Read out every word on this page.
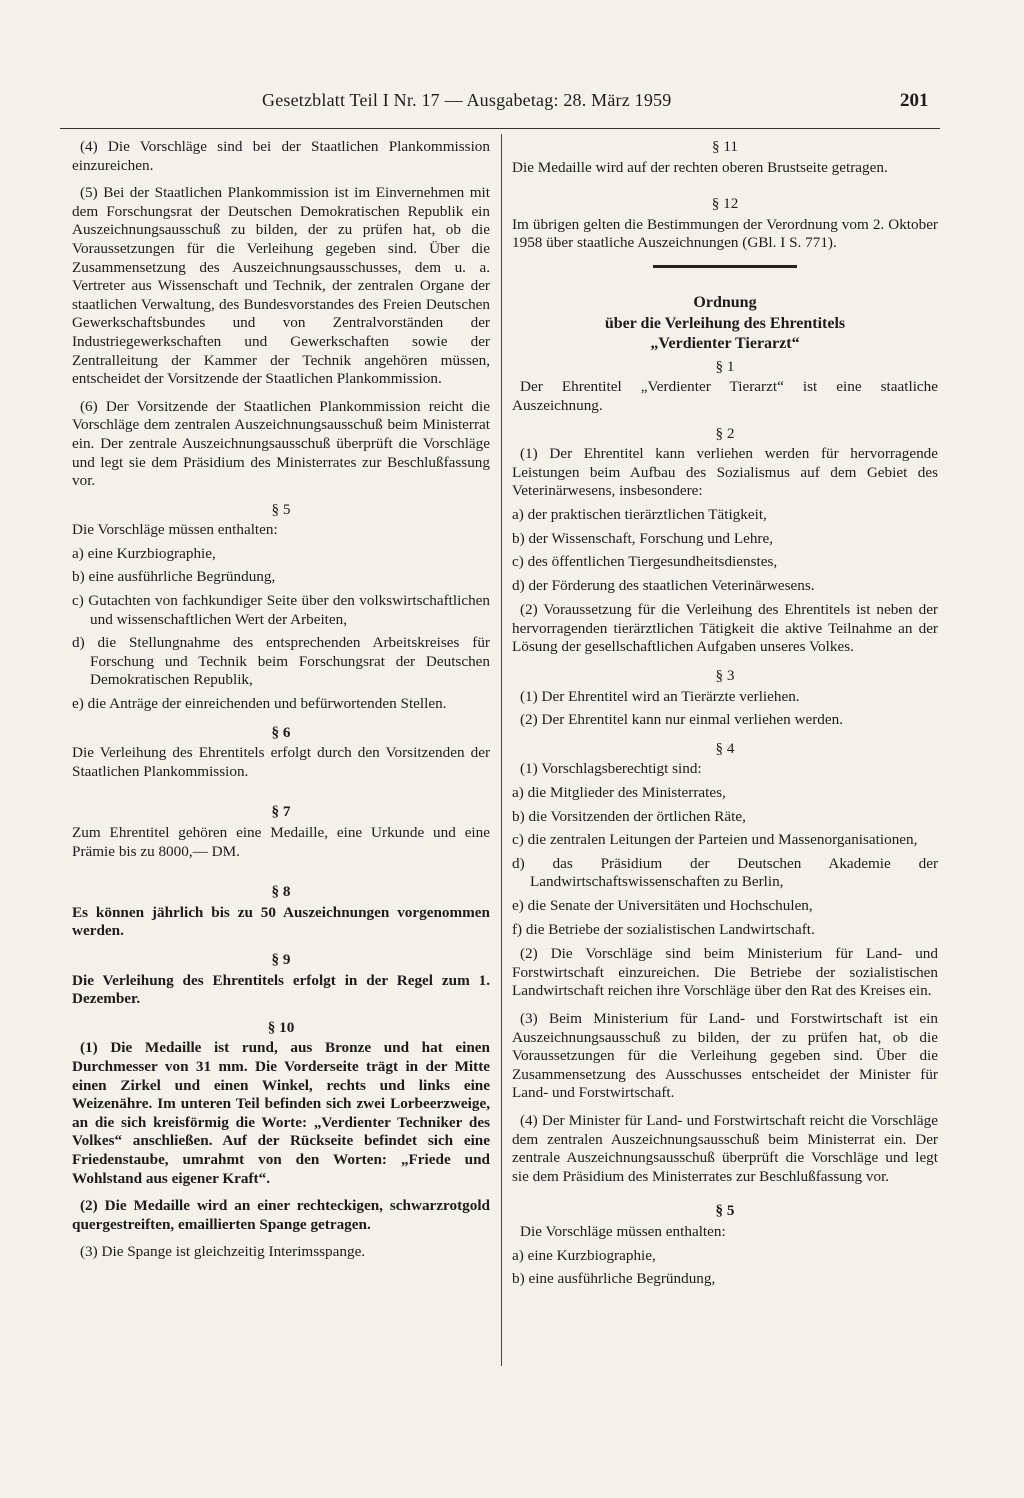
Gesetzblatt Teil I Nr. 17 — Ausgabetag: 28. März 1959	201

(4) Die Vorschläge sind bei der Staatlichen Plankommission einzureichen.

(5) Bei der Staatlichen Plankommission ist im Einvernehmen mit dem Forschungsrat der Deutschen Demokratischen Republik ein Auszeichnungsausschuß zu bilden, der zu prüfen hat, ob die Voraussetzungen für die Verleihung gegeben sind. Über die Zusammensetzung des Auszeichnungsausschusses, dem u. a. Vertreter aus Wissenschaft und Technik, der zentralen Organe der staatlichen Verwaltung, des Bundesvorstandes des Freien Deutschen Gewerkschaftsbundes und von Zentralvorständen der Industriegewerkschaften und Gewerkschaften sowie der Zentralleitung der Kammer der Technik angehören müssen, entscheidet der Vorsitzende der Staatlichen Plankommission.

(6) Der Vorsitzende der Staatlichen Plankommission reicht die Vorschläge dem zentralen Auszeichnungsausschuß beim Ministerrat ein. Der zentrale Auszeichnungsausschuß überprüft die Vorschläge und legt sie dem Präsidium des Ministerrates zur Beschlußfassung vor.

§ 5

Die Vorschläge müssen enthalten:

a) eine Kurzbiographie,
b) eine ausführliche Begründung,
c) Gutachten von fachkundiger Seite über den volkswirtschaftlichen und wissenschaftlichen Wert der Arbeiten,
d) die Stellungnahme des entsprechenden Arbeitskreises für Forschung und Technik beim Forschungsrat der Deutschen Demokratischen Republik,
e) die Anträge der einreichenden und befürwortenden Stellen.
§ 6

Die Verleihung des Ehrentitels erfolgt durch den Vorsitzenden der Staatlichen Plankommission.

§ 7

Zum Ehrentitel gehören eine Medaille, eine Urkunde und eine Prämie bis zu 8000,— DM.

§ 8

Es können jährlich bis zu 50 Auszeichnungen vorgenommen werden.

§ 9

Die Verleihung des Ehrentitels erfolgt in der Regel zum 1. Dezember.

§ 10

(1) Die Medaille ist rund, aus Bronze und hat einen Durchmesser von 31 mm. Die Vorderseite trägt in der Mitte einen Zirkel und einen Winkel, rechts und links eine Weizenähre. Im unteren Teil befinden sich zwei Lorbeerzweige, an die sich kreisförmig die Worte: „Verdienter Techniker des Volkes“ anschließen. Auf der Rückseite befindet sich eine Friedenstaube, umrahmt von den Worten: „Friede und Wohlstand aus eigener Kraft“.

(2) Die Medaille wird an einer rechteckigen, schwarzrotgold quergestreiften, emaillierten Spange getragen.

(3) Die Spange ist gleichzeitig Interimsspange.

§ 11

Die Medaille wird auf der rechten oberen Brustseite getragen.

§ 12

Im übrigen gelten die Bestimmungen der Verordnung vom 2. Oktober 1958 über staatliche Auszeichnungen (GBl. I S. 771).

Ordnung
über die Verleihung des Ehrentitels
„Verdienter Tierarzt“
§ 1

Der Ehrentitel „Verdienter Tierarzt“ ist eine staatliche Auszeichnung.

§ 2

(1) Der Ehrentitel kann verliehen werden für hervorragende Leistungen beim Aufbau des Sozialismus auf dem Gebiet des Veterinärwesens, insbesondere:

a) der praktischen tierärztlichen Tätigkeit,
b) der Wissenschaft, Forschung und Lehre,
c) des öffentlichen Tiergesundheitsdienstes,
d) der Förderung des staatlichen Veterinärwesens.

(2) Voraussetzung für die Verleihung des Ehrentitels ist neben der hervorragenden tierärztlichen Tätigkeit die aktive Teilnahme an der Lösung der gesellschaftlichen Aufgaben unseres Volkes.

§ 3

(1) Der Ehrentitel wird an Tierärzte verliehen.

(2) Der Ehrentitel kann nur einmal verliehen werden.

§ 4

(1) Vorschlagsberechtigt sind:

a) die Mitglieder des Ministerrates,
b) die Vorsitzenden der örtlichen Räte,
c) die zentralen Leitungen der Parteien und Massenorganisationen,
d) das Präsidium der Deutschen Akademie der Landwirtschaftswissenschaften zu Berlin,
e) die Senate der Universitäten und Hochschulen,
f) die Betriebe der sozialistischen Landwirtschaft.

(2) Die Vorschläge sind beim Ministerium für Land- und Forstwirtschaft einzureichen. Die Betriebe der sozialistischen Landwirtschaft reichen ihre Vorschläge über den Rat des Kreises ein.

(3) Beim Ministerium für Land- und Forstwirtschaft ist ein Auszeichnungsausschuß zu bilden, der zu prüfen hat, ob die Voraussetzungen für die Verleihung gegeben sind. Über die Zusammensetzung des Ausschusses entscheidet der Minister für Land- und Forstwirtschaft.

(4) Der Minister für Land- und Forstwirtschaft reicht die Vorschläge dem zentralen Auszeichnungsausschuß beim Ministerrat ein. Der zentrale Auszeichnungsausschuß überprüft die Vorschläge und legt sie dem Präsidium des Ministerrates zur Beschlußfassung vor.

§ 5

Die Vorschläge müssen enthalten:

a) eine Kurzbiographie,
b) eine ausführliche Begründung,
